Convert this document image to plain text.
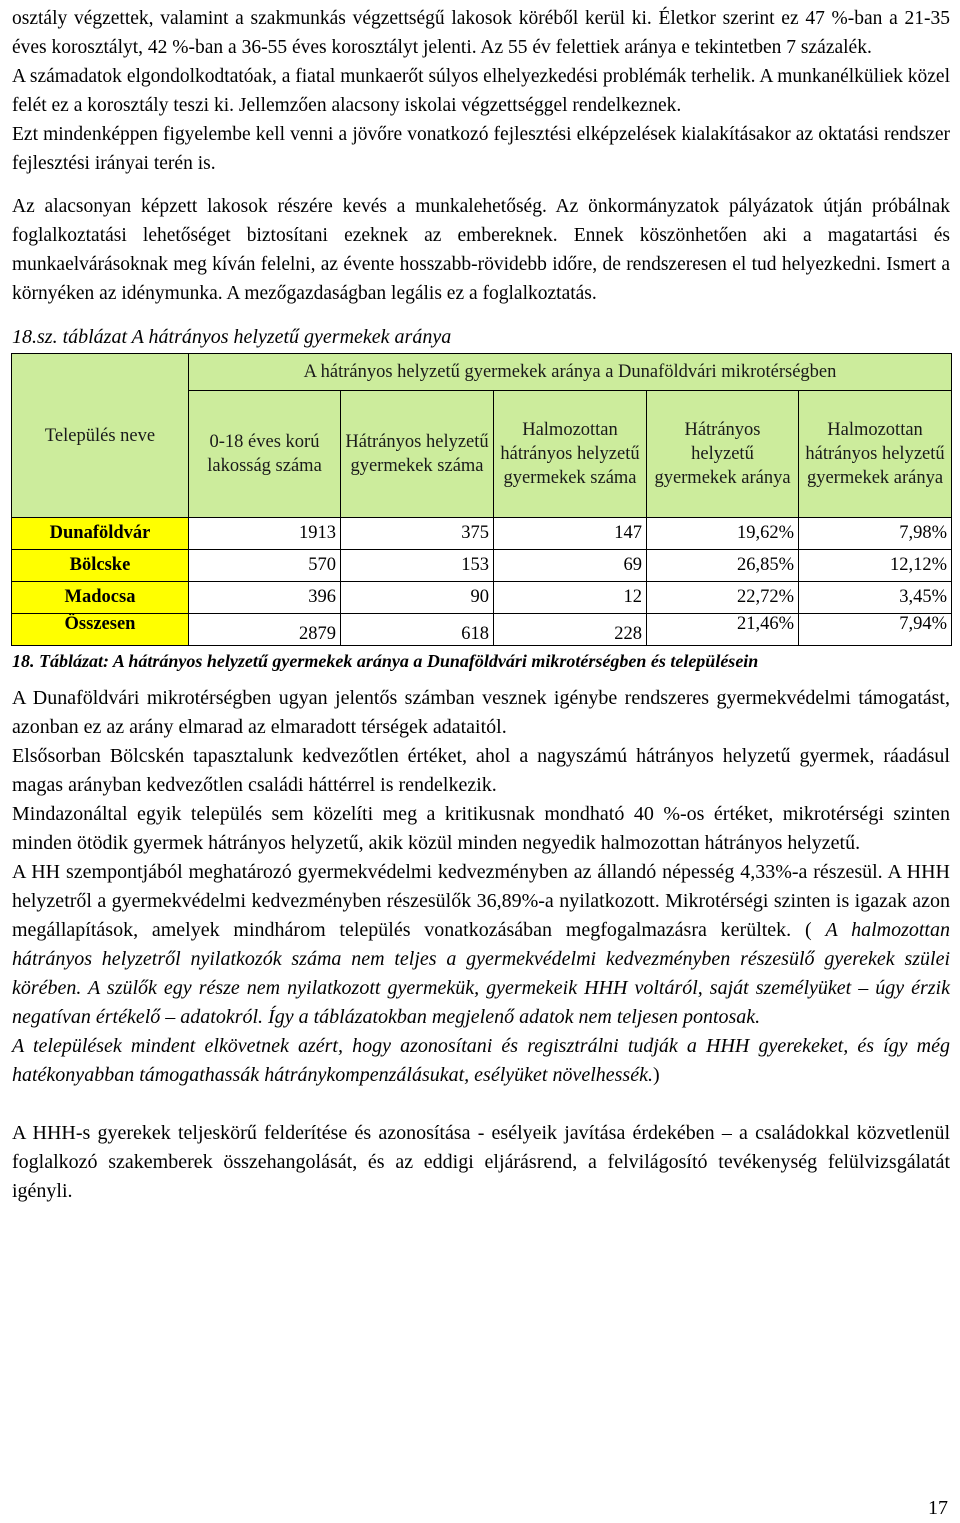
osztály végzettek, valamint a szakmunkás végzettségű lakosok köréből kerül ki. Életkor szerint ez 47 %-ban a 21-35 éves korosztályt, 42 %-ban a 36-55 éves korosztályt jelenti. Az 55 év felettiek aránya e tekintetben 7 százalék.

A számadatok elgondolkodtatóak, a fiatal munkaerőt súlyos elhelyezkedési problémák terhelik. A munkanélküliek közel felét ez a korosztály teszi ki. Jellemzően alacsony iskolai végzettséggel rendelkeznek.

Ezt mindenképpen figyelembe kell venni a jövőre vonatkozó fejlesztési elképzelések kialakításakor az oktatási rendszer fejlesztési irányai terén is.

Az alacsonyan képzett lakosok részére kevés a munkalehetőség. Az önkormányzatok pályázatok útján próbálnak foglalkoztatási lehetőséget biztosítani ezeknek az embereknek. Ennek köszönhetően aki a magatartási és munkaelvárásoknak meg kíván felelni, az évente hosszabb-rövidebb időre, de rendszeresen el tud helyezkedni. Ismert a környéken az idénymunka. A mezőgazdaságban legális ez a foglalkoztatás.

18.sz. táblázat A hátrányos helyzetű gyermekek aránya
Település neve	A hátrányos helyzetű gyermekek aránya a Dunaföldvári mikrotérségben				
	0-18 éves korú lakosság száma	Hátrányos helyzetű gyermekek száma	Halmozottan hátrányos helyzetű gyermekek száma	Hátrányos helyzetű gyermekek aránya	Halmozottan hátrányos helyzetű gyermekek aránya
Dunaföldvár	1913	375	147	19,62%	7,98%
Bölcske	570	153	69	26,85%	12,12%
Madocsa	396	90	12	22,72%	3,45%
Összesen	2879	618	228	21,46%	7,94%
18. Táblázat: A hátrányos helyzetű gyermekek aránya a Dunaföldvári mikrotérségben és településein

A Dunaföldvári mikrotérségben ugyan jelentős számban vesznek igénybe rendszeres gyermekvédelmi támogatást, azonban ez az arány elmarad az elmaradott térségek adataitól.

Elsősorban Bölcskén tapasztalunk kedvezőtlen értéket, ahol a nagyszámú hátrányos helyzetű gyermek, ráadásul magas arányban kedvezőtlen családi háttérrel is rendelkezik.

Mindazonáltal egyik település sem közelíti meg a kritikusnak mondható 40 %-os értéket, mikrotérségi szinten minden ötödik gyermek hátrányos helyzetű, akik közül minden negyedik halmozottan hátrányos helyzetű.

A HH szempontjából meghatározó gyermekvédelmi kedvezményben az állandó népesség 4,33%-a részesül. A HHH helyzetről a gyermekvédelmi kedvezményben részesülők 36,89%-a nyilatkozott. Mikrotérségi szinten is igazak azon megállapítások, amelyek mindhárom település vonatkozásában megfogalmazásra kerültek. ( A halmozottan hátrányos helyzetről nyilatkozók száma nem teljes a gyermekvédelmi kedvezményben részesülő gyerekek szülei körében. A szülők egy része nem nyilatkozott gyermekük, gyermekeik HHH voltáról, saját személyüket – úgy érzik negatívan értékelő – adatokról. Így a táblázatokban megjelenő adatok nem teljesen pontosak.

A települések mindent elkövetnek azért, hogy azonosítani és regisztrálni tudják a HHH gyerekeket, és így még hatékonyabban támogathassák hátránykompenzálásukat, esélyüket növelhessék.)

A HHH-s gyerekek teljeskörű felderítése és azonosítása - esélyeik javítása érdekében – a családokkal közvetlenül foglalkozó szakemberek összehangolását, és az eddigi eljárásrend, a felvilágosító tevékenység felülvizsgálatát igényli.

17
